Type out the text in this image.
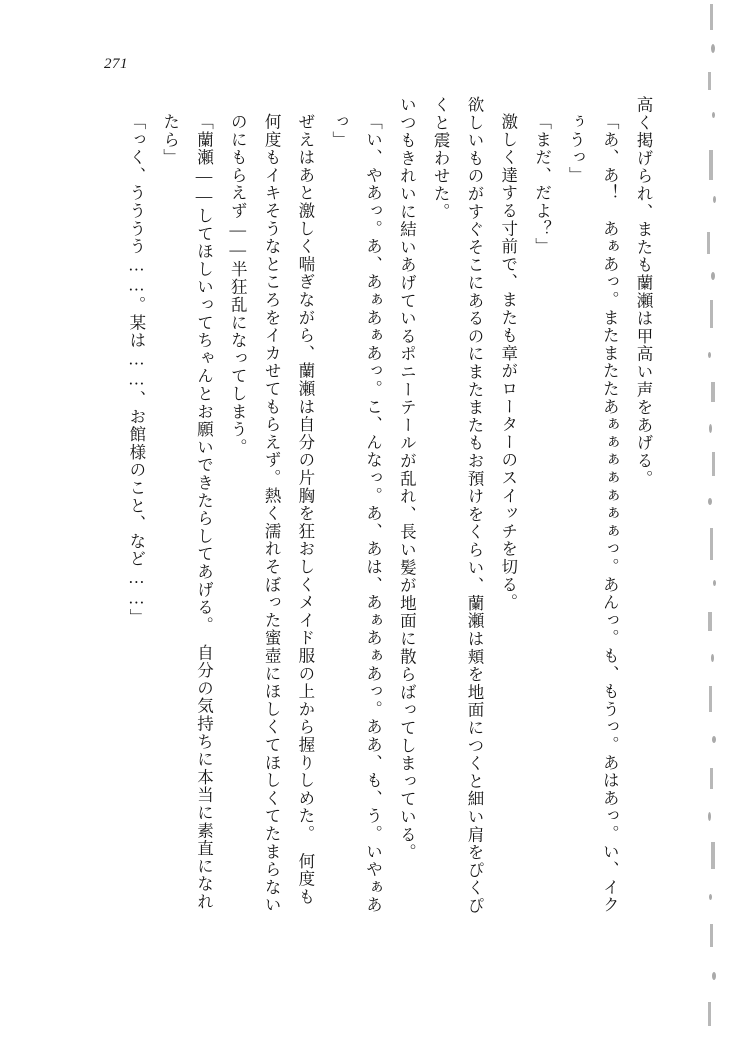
271

高く掲げられ、またも蘭瀬は甲高い声をあげる。

「あ、あ！　あぁあっ。またまたたあぁぁぁぁぁぁぁっ。あんっ。も、もうっ。あはあっ。い、イクぅうっ」

「まだ、だよ？」

激しく達する寸前で、またも章がローターのスイッチを切る。

欲しいものがすぐそこにあるのにまたまたもお預けをくらい、蘭瀬は頬を地面につくと細い肩をぴくぴくと震わせた。

いつもきれいに結いあげているポニーテールが乱れ、長い髪が地面に散らばってしまっている。

「い、やあっ。あ、あぁあぁあっ。こ、んなっ。あ、あは、あぁあぁあっ。ああ、も、う。いやぁあっ」

ぜえはあと激しく喘ぎながら、蘭瀬は自分の片胸を狂おしくメイド服の上から握りしめた。　何度も何度もイキそうなところをイカせてもらえず。熱く濡れそぼった蜜壺にほしくてほしくてたまらないのにもらえず——半狂乱になってしまう。

「蘭瀬——してほしいってちゃんとお願いできたらしてあげる。　自分の気持ちに本当に素直になれたら」

「っく、うううう……。某は……、お館様のこと、など……」
